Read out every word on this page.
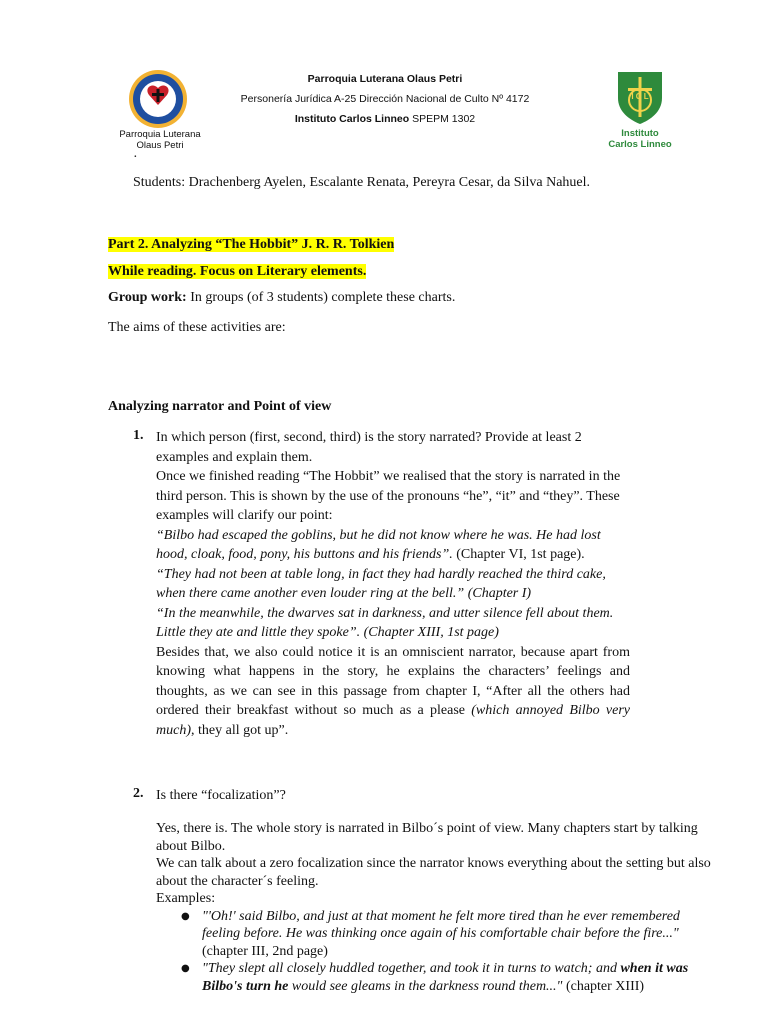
Parroquia Luterana
Olaus Petri
Parroquia Luterana Olaus Petri
Personería Jurídica A-25 Dirección Nacional de Culto Nº 4172
Instituto Carlos Linneo SPEPM 1302
I C L
Instituto
Carlos Linneo
·
Students: Drachenberg Ayelen, Escalante Renata, Pereyra Cesar, da Silva Nahuel.
Part 2. Analyzing “The Hobbit” J. R. R. Tolkien
While reading. Focus on Literary elements.
Group work: In groups (of 3 students) complete these charts.
The aims of these activities are:
Analyzing narrator and Point of view
1. In which person (first, second, third) is the story narrated? Provide at least 2 examples and explain them.
Once we finished reading “The Hobbit” we realised that the story is narrated in the third person. This is shown by the use of the pronouns “he”, “it” and “they”. These examples will clarify our point:
“Bilbo had escaped the goblins, but he did not know where he was. He had lost hood, cloak, food, pony, his buttons and his friends”. (Chapter VI, 1st page).
“They had not been at table long, in fact they had hardly reached the third cake, when there came another even louder ring at the bell.” (Chapter I)
“In the meanwhile, the dwarves sat in darkness, and utter silence fell about them. Little they ate and little they spoke”. (Chapter XIII, 1st page)
Besides that, we also could notice it is an omniscient narrator, because apart from knowing what happens in the story, he explains the characters’ feelings and thoughts, as we can see in this passage from chapter I, “After all the others had ordered their breakfast without so much as a please (which annoyed Bilbo very much), they all got up”.
2. Is there “focalization”?
Yes, there is. The whole story is narrated in Bilbo´s point of view. Many chapters start by talking about Bilbo.
We can talk about a zero focalization since the narrator knows everything about the setting but also about the character´s feeling.
Examples:
● "'Oh!' said Bilbo, and just at that moment he felt more tired than he ever remembered feeling before. He was thinking once again of his comfortable chair before the fire..." (chapter III, 2nd page)
● "They slept all closely huddled together, and took it in turns to watch; and when it was Bilbo's turn he would see gleams in the darkness round them..." (chapter XIII)
